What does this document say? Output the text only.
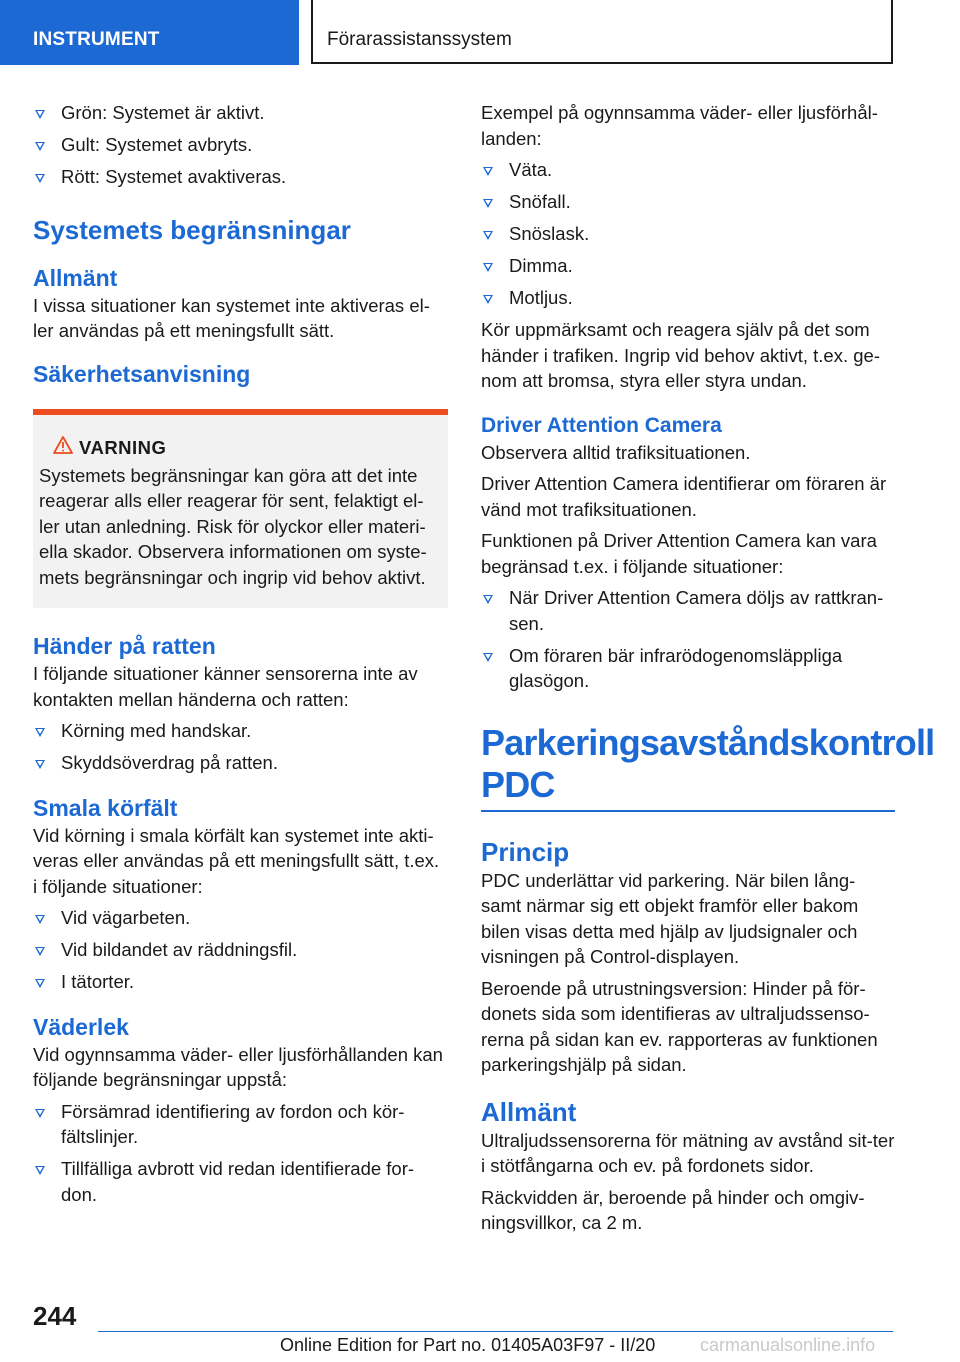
INSTRUMENT	Förarassistanssystem
Grön: Systemet är aktivt.
Gult: Systemet avbryts.
Rött: Systemet avaktiveras.
Systemets begränsningar
Allmänt

I vissa situationer kan systemet inte aktiveras el-ler användas på ett meningsfullt sätt.

Säkerhetsanvisning
VARNING

Systemets begränsningar kan göra att det inte reagerar alls eller reagerar för sent, felaktigt el-ler utan anledning. Risk för olyckor eller materi-ella skador. Observera informationen om syste-mets begränsningar och ingrip vid behov aktivt.

Händer på ratten

I följande situationer känner sensorerna inte av kontakten mellan händerna och ratten:

Körning med handskar.
Skyddsöverdrag på ratten.
Smala körfält

Vid körning i smala körfält kan systemet inte akti-veras eller användas på ett meningsfullt sätt, t.ex. i följande situationer:

Vid vägarbeten.
Vid bildandet av räddningsfil.
I tätorter.
Väderlek

Vid ogynnsamma väder- eller ljusförhållanden kan följande begränsningar uppstå:

Försämrad identifiering av fordon och kör-fältslinjer.
Tillfälliga avbrott vid redan identifierade for-don.

Exempel på ogynnsamma väder- eller ljusförhål-landen:

Väta.
Snöfall.
Snöslask.
Dimma.
Motljus.

Kör uppmärksamt och reagera själv på det som händer i trafiken. Ingrip vid behov aktivt, t.ex. ge-nom att bromsa, styra eller styra undan.

Driver Attention Camera

Observera alltid trafiksituationen.

Driver Attention Camera identifierar om föraren är vänd mot trafiksituationen.

Funktionen på Driver Attention Camera kan vara begränsad t.ex. i följande situationer:

När Driver Attention Camera döljs av rattkran-sen.
Om föraren bär infrarödogenomsläppliga glasögon.
Parkeringsavståndskontroll
PDC
Princip

PDC underlättar vid parkering. När bilen lång-samt närmar sig ett objekt framför eller bakom bilen visas detta med hjälp av ljudsignaler och visningen på Control-displayen.

Beroende på utrustningsversion: Hinder på för-donets sida som identifieras av ultraljudssenso-rerna på sidan kan ev. rapporteras av funktionen parkeringshjälp på sidan.

Allmänt

Ultraljudssensorerna för mätning av avstånd sit-ter i stötfångarna och ev. på fordonets sidor.

Räckvidden är, beroende på hinder och omgiv-ningsvillkor, ca 2 m.

244
Online Edition for Part no. 01405A03F97 - II/20 carmanualsonline.info
